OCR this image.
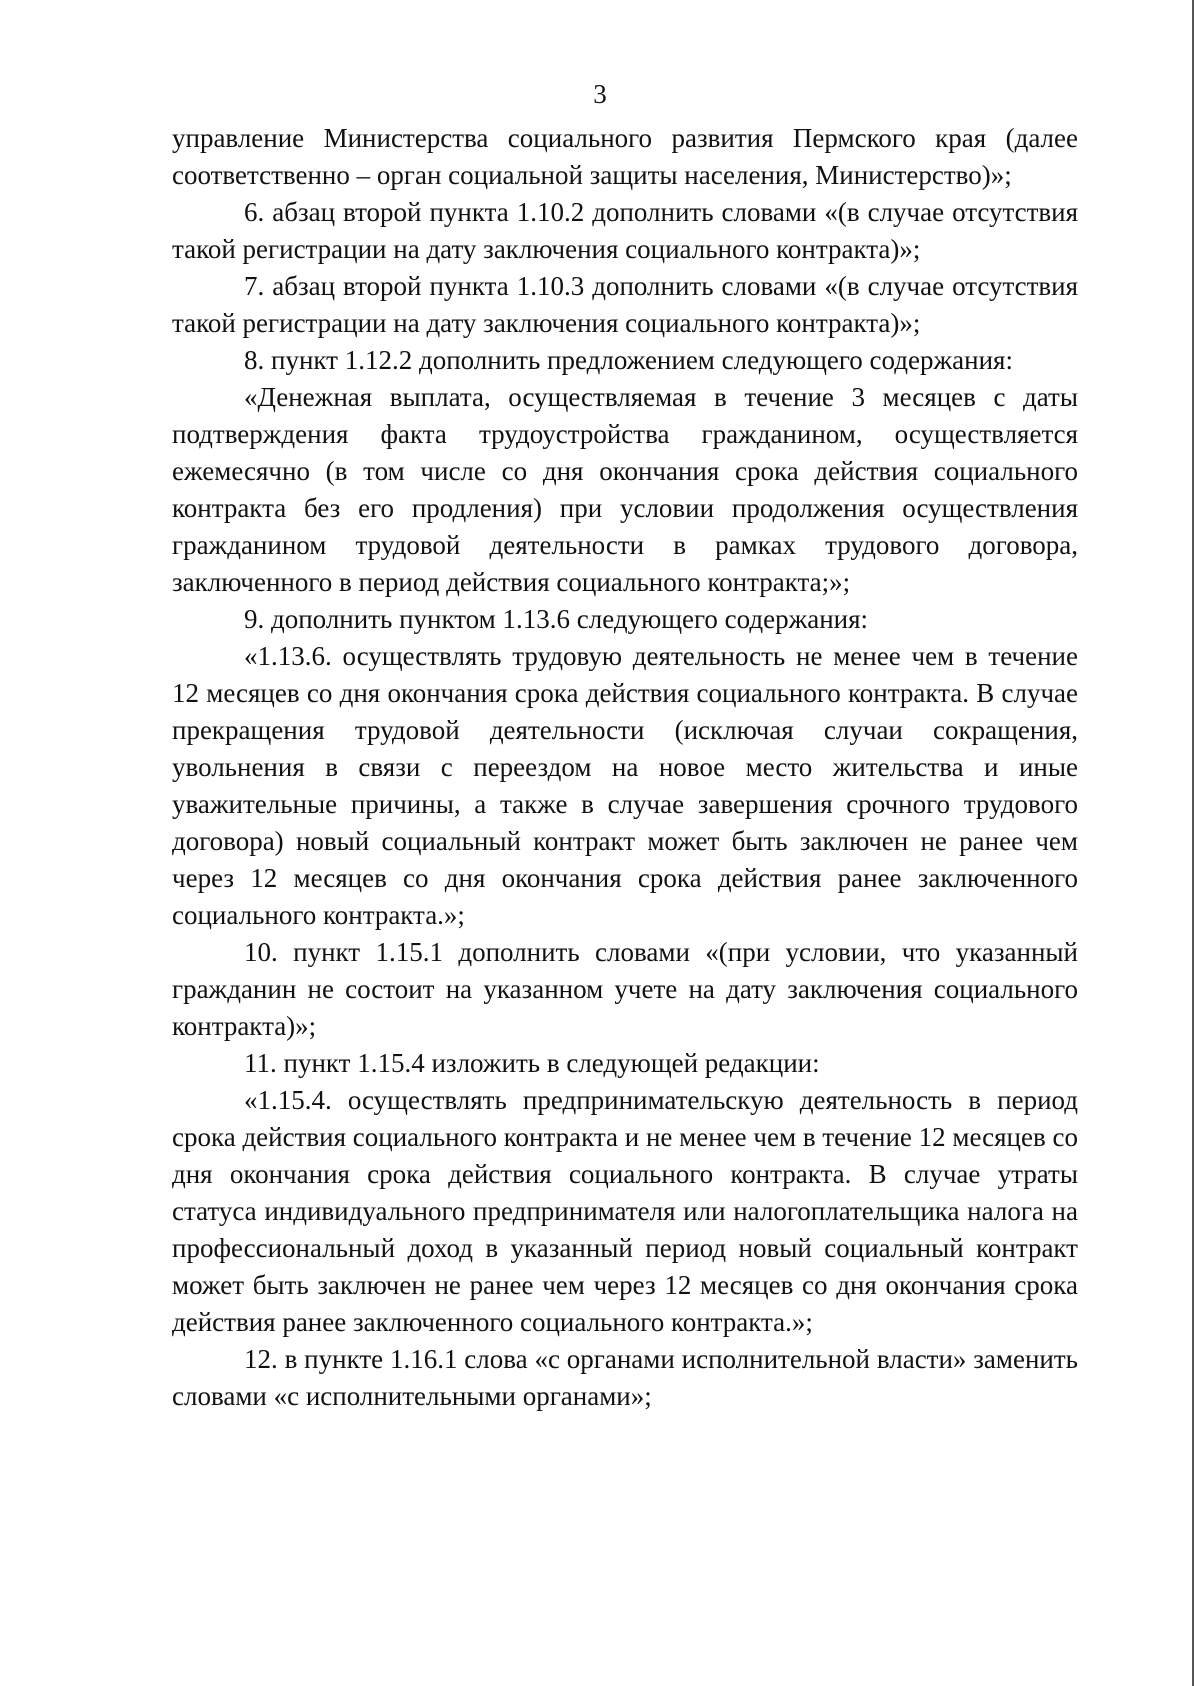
3

управление Министерства социального развития Пермского края (далее соответственно – орган социальной защиты населения, Министерство)»;

6. абзац второй пункта 1.10.2 дополнить словами «(в случае отсутствия такой регистрации на дату заключения социального контракта)»;

7. абзац второй пункта 1.10.3 дополнить словами «(в случае отсутствия такой регистрации на дату заключения социального контракта)»;

8. пункт 1.12.2 дополнить предложением следующего содержания:

«Денежная выплата, осуществляемая в течение 3 месяцев с даты подтверждения факта трудоустройства гражданином, осуществляется ежемесячно (в том числе со дня окончания срока действия социального контракта без его продления) при условии продолжения осуществления гражданином трудовой деятельности в рамках трудового договора, заключенного в период действия социального контракта;»;

9. дополнить пунктом 1.13.6 следующего содержания:

«1.13.6. осуществлять трудовую деятельность не менее чем в течение 12 месяцев со дня окончания срока действия социального контракта. В случае прекращения трудовой деятельности (исключая случаи сокращения, увольнения в связи с переездом на новое место жительства и иные уважительные причины, а также в случае завершения срочного трудового договора) новый социальный контракт может быть заключен не ранее чем через 12 месяцев со дня окончания срока действия ранее заключенного социального контракта.»;

10. пункт 1.15.1 дополнить словами «(при условии, что указанный гражданин не состоит на указанном учете на дату заключения социального контракта)»;

11. пункт 1.15.4 изложить в следующей редакции:

«1.15.4. осуществлять предпринимательскую деятельность в период срока действия социального контракта и не менее чем в течение 12 месяцев со дня окончания срока действия социального контракта. В случае утраты статуса индивидуального предпринимателя или налогоплательщика налога на профессиональный доход в указанный период новый социальный контракт может быть заключен не ранее чем через 12 месяцев со дня окончания срока действия ранее заключенного социального контракта.»;

12. в пункте 1.16.1 слова «с органами исполнительной власти» заменить словами «с исполнительными органами»;
